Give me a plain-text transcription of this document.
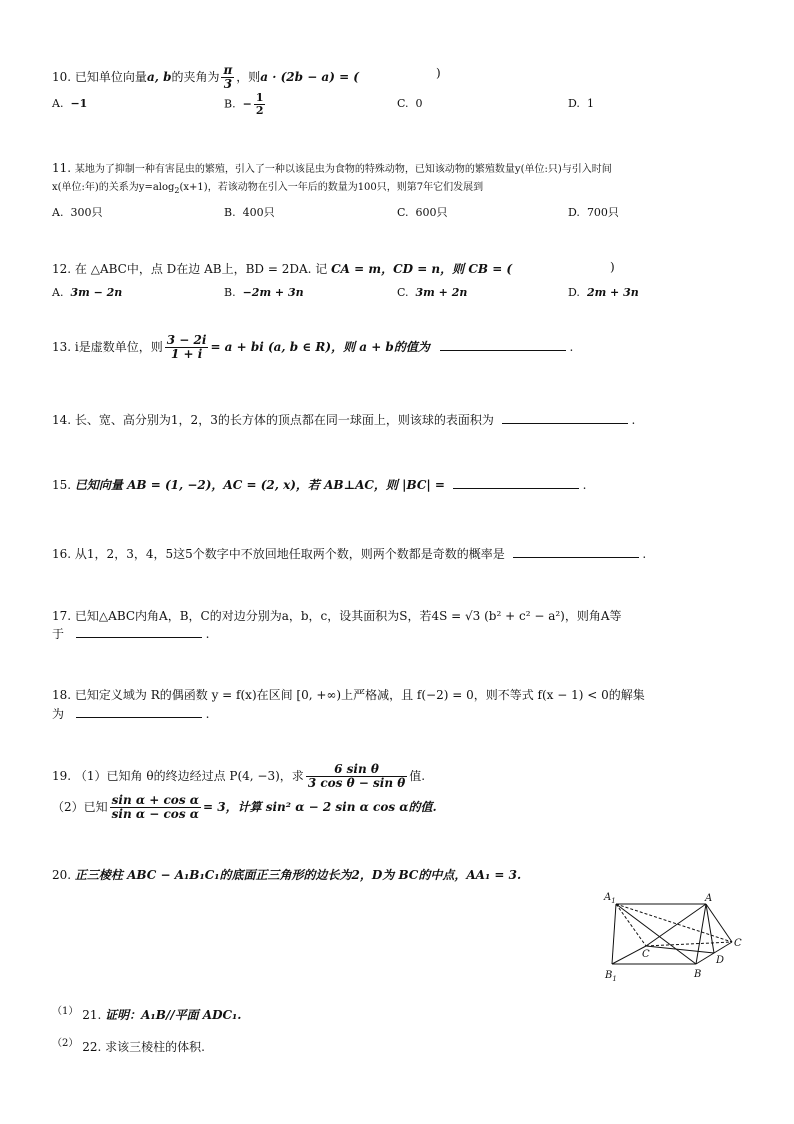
10. 已知单位向量a, b的夹角为 $\frac{\pi}{3}$ ，则a · (2b − a) = (	)
A. −1	B. − $\frac{1}{2}$	C. 0	D. 1
11. 某地为了抑制一种有害昆虫的繁殖，引入了一种以该昆虫为食物的特殊动物，已知该动物的繁殖数量y(单位:只)与引入时间
x(单位:年)的关系为y=alog$_2$(x+1)，若该动物在引入一年后的数量为100只，则第7年它们发展到
A. 300只	B. 400只	C. 600只	D. 700只
12. 在 △ABC中，点 D在边 AB上，BD = 2DA. 记 CA = m，CD = n，则 CB = (	)
A. 3m − 2n	B. −2m + 3n	C. 3m + 2n	D. 2m + 3n
13. i是虚数单位，则 $\frac{3 - 2i}{1 + i} = a$ + bi (a, b ∈ R)，则 a + b的值为	.
14. 长、宽、高分别为1，2，3的长方体的顶点都在同一球面上，则该球的表面积为	.
15. 已知向量 AB = (1, −2)，AC = (2, x)，若 AB⊥AC，则 |BC| =	.
16. 从1，2，3，4，5这5个数字中不放回地任取两个数，则两个数都是奇数的概率是	.
17. 已知△ABC内角A，B，C的对边分别为a，b，c，设其面积为S，若4S = √3 (b² + c² − a²)，则角A等
于	.
18. 已知定义域为 R的偶函数 y = f(x)在区间 [0, +∞)上严格减，且 f(−2) = 0，则不等式 f(x − 1) < 0的解集
为	.
19. （1）已知角 θ的终边经过点 P(4, −3)，求 $\frac{\text{6 sin θ}}{\text{3 cos θ − sin θ}}$ 值.
（2）已知 $\frac{\text{sin α + cos α}}{\text{sin α − cos α}} = 3$，计算 sin² α − 2 sin α cos α的值.
20. 正三棱柱 ABC − A₁B₁C₁的底面正三角形的边长为2，D为 BC的中点，AA₁ = 3.
$A_1$	A
$B_1$	B
C
C
D
$^{(1)}$ 21. 证明：A₁B//平面 ADC₁.
$^{(2)}$ 22. 求该三棱柱的体积.
